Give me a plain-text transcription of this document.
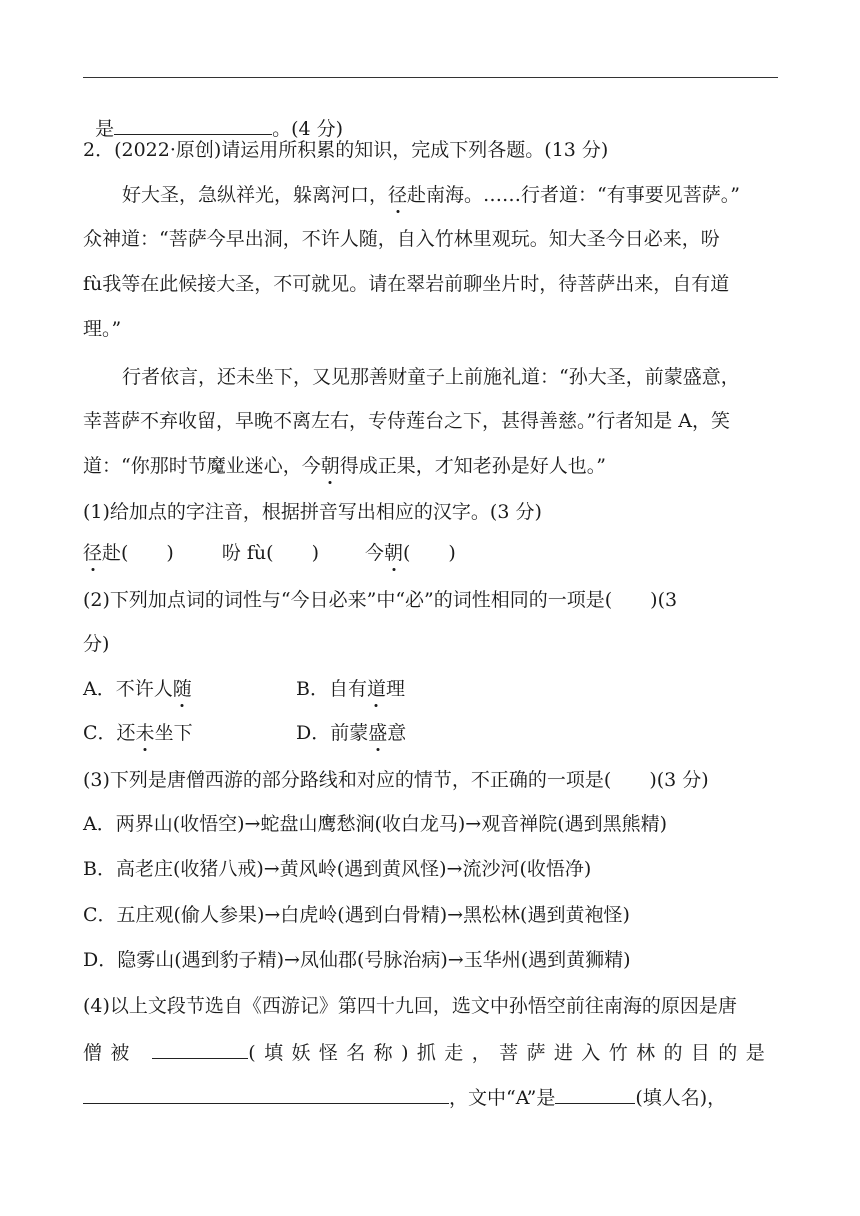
是	。(4 分)

2．(2022·原创)请运用所积累的知识，完成下列各题。(13 分)
好大圣，急纵祥光，躲离河口，径赴南海。……行者道：“有事要见菩萨。”
众神道：“菩萨今早出洞，不许人随，自入竹林里观玩。知大圣今日必来，吩
fù我等在此候接大圣，不可就见。请在翠岩前聊坐片时，待菩萨出来，自有道
理。”
行者依言，还未坐下，又见那善财童子上前施礼道：“孙大圣，前蒙盛意，
幸菩萨不弃收留，早晚不离左右，专侍莲台之下，甚得善慈。”行者知是 A，笑
道：“你那时节魔业迷心，今朝得成正果，才知老孙是好人也。”
(1)给加点的字注音，根据拼音写出相应的汉字。(3 分)
径赴(　　)	吩 fù(　　) 今朝(　　)
(2)下列加点词的词性与“今日必来”中“必”的词性相同的一项是(　　)(3
分)
A．不许人随	B．自有道理
C．还未坐下	D．前蒙盛意
(3)下列是唐僧西游的部分路线和对应的情节，不正确的一项是(　　)(3 分)
A．两界山(收悟空)→蛇盘山鹰愁涧(收白龙马)→观音禅院(遇到黑熊精)
B．高老庄(收猪八戒)→黄风岭(遇到黄风怪)→流沙河(收悟净)
C．五庄观(偷人参果)→白虎岭(遇到白骨精)→黑松林(遇到黄袍怪)
D．隐雾山(遇到豹子精)→凤仙郡(号脉治病)→玉华州(遇到黄狮精)
(4)以上文段节选自《西游记》第四十九回，选文中孙悟空前往南海的原因是唐
僧被	(填妖怪名称)抓走，菩萨进入竹林的目的是
，文中“A”是	(填人名)，
